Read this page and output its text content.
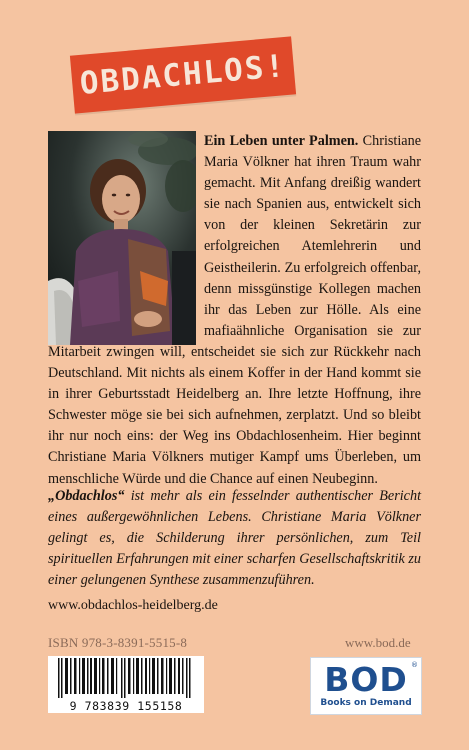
OBDACHLOS!
Ein Leben unter Palmen. Christiane Maria Völkner hat ihren Traum wahr gemacht. Mit Anfang dreißig wandert sie nach Spanien aus, entwickelt sich von der kleinen Sekretärin zur erfolgreichen Atemlehrerin und Geistheilerin. Zu erfolgreich offenbar, denn missgünstige Kollegen machen ihr das Leben zur Hölle. Als eine mafiaähnliche Organisation sie zur Mitarbeit zwingen will, entscheidet sie sich zur Rückkehr nach Deutschland. Mit nichts als einem Koffer in der Hand kommt sie in ihrer Geburtsstadt Heidelberg an. Ihre letzte Hoffnung, ihre Schwester möge sie bei sich aufnehmen, zerplatzt. Und so bleibt ihr nur noch eins: der Weg ins Obdachlosenheim. Hier beginnt Christiane Maria Völkners mutiger Kampf ums Überleben, um menschliche Würde und die Chance auf einen Neubeginn.
„Obdachlos“ ist mehr als ein fesselnder authentischer Bericht eines außergewöhnlichen Lebens. Christiane Maria Völkner gelingt es, die Schilderung ihrer persönlichen, zum Teil spirituellen Erfahrungen mit einer scharfen Gesellschaftskritik zu einer gelungenen Synthese zusammenzuführen.
www.obdachlos-heidelberg.de
ISBN 978-3-8391-5515-8	www.bod.de
9 783839 155158
BOD
Books on Demand
®
